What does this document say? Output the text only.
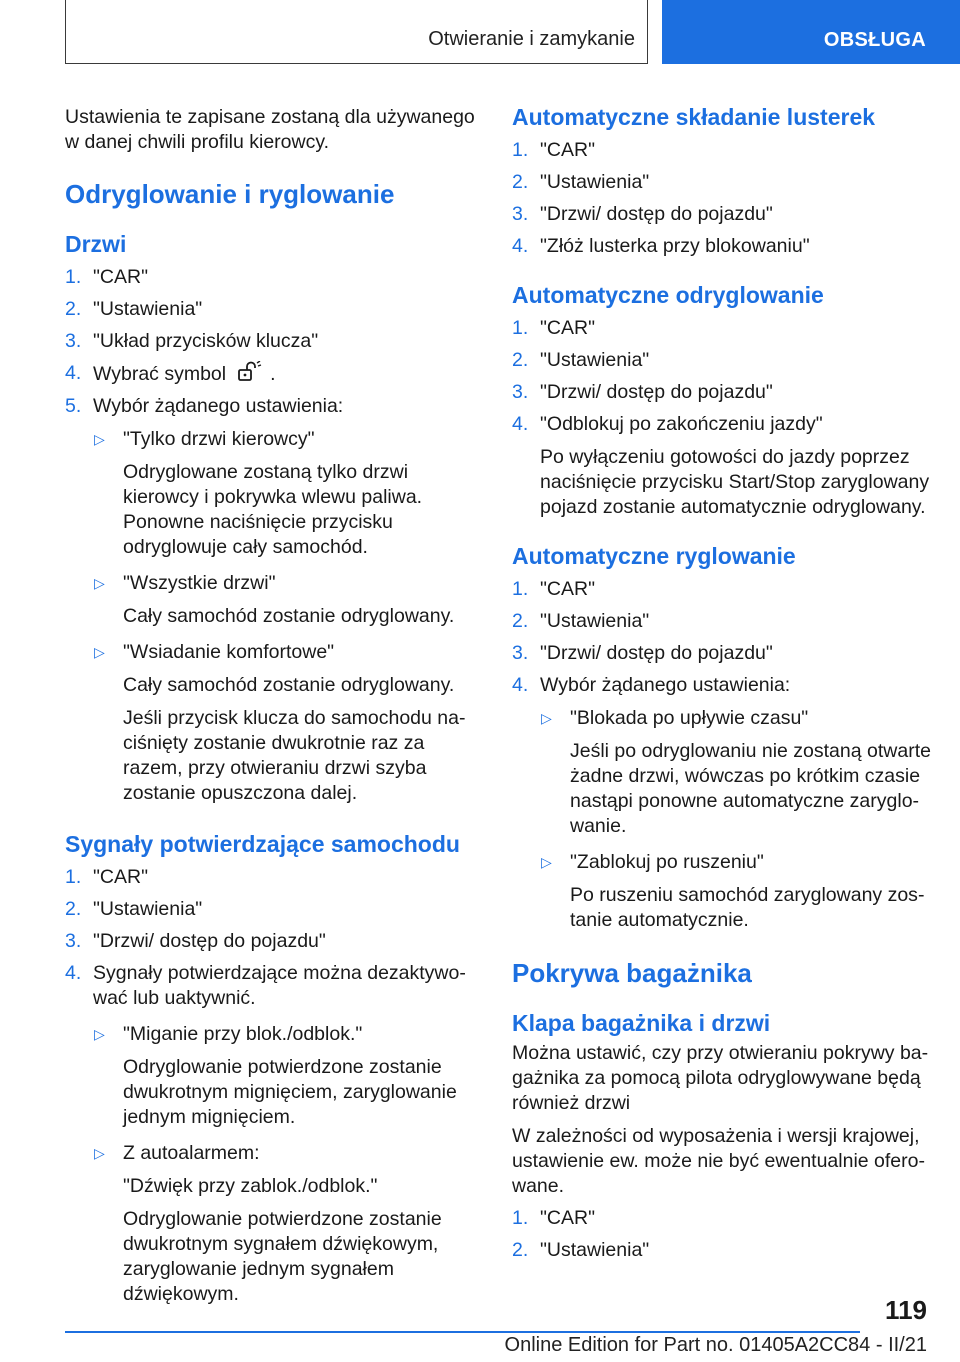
Otwieranie i zamykanie	OBSŁUGA

Ustawienia te zapisane zostaną dla używanego w danej chwili profilu kierowcy.

Odryglowanie i ryglowanie
Drzwi
1. "CAR"
2. "Ustawienia"
3. "Układ przycisków klucza"
4. Wybrać symbol .
5. Wybór żądanego ustawienia:
▷ "Tylko drzwi kierowcy"
Odryglowane zostaną tylko drzwi kierowcy i pokrywka wlewu paliwa. Ponowne naciśnięcie przycisku odryglowuje cały samochód.
▷ "Wszystkie drzwi"
Cały samochód zostanie odryglowany.
▷ "Wsiadanie komfortowe"
Cały samochód zostanie odryglowany.
Jeśli przycisk klucza do samochodu naciśnięty zostanie dwukrotnie raz za razem, przy otwieraniu drzwi szyba zostanie opuszczona dalej.
Sygnały potwierdzające samochodu
1. "CAR"
2. "Ustawienia"
3. "Drzwi/ dostęp do pojazdu"
4. Sygnały potwierdzające można dezaktywować lub uaktywnić.
▷ "Miganie przy blok./odblok."
Odryglowanie potwierdzone zostanie dwukrotnym mignięciem, zaryglowanie jednym mignięciem.
▷ Z autoalarmem:
"Dźwięk przy zablok./odblok."
Odryglowanie potwierdzone zostanie dwukrotnym sygnałem dźwiękowym, zaryglowanie jednym sygnałem dźwiękowym.
Automatyczne składanie lusterek
1. "CAR"
2. "Ustawienia"
3. "Drzwi/ dostęp do pojazdu"
4. "Złóż lusterka przy blokowaniu"
Automatyczne odryglowanie
1. "CAR"
2. "Ustawienia"
3. "Drzwi/ dostęp do pojazdu"
4. "Odblokuj po zakończeniu jazdy"
Po wyłączeniu gotowości do jazdy poprzez naciśnięcie przycisku Start/Stop zaryglowany pojazd zostanie automatycznie odryglowany.
Automatyczne ryglowanie
1. "CAR"
2. "Ustawienia"
3. "Drzwi/ dostęp do pojazdu"
4. Wybór żądanego ustawienia:
▷ "Blokada po upływie czasu"
Jeśli po odryglowaniu nie zostaną otwarte żadne drzwi, wówczas po krótkim czasie nastąpi ponowne automatyczne zaryglowanie.
▷ "Zablokuj po ruszeniu"
Po ruszeniu samochód zaryglowany zostanie automatycznie.
Pokrywa bagażnika
Klapa bagażnika i drzwi

Można ustawić, czy przy otwieraniu pokrywy bagażnika za pomocą pilota odryglowywane będą również drzwi

W zależności od wyposażenia i wersji krajowej, ustawienie ew. może nie być ewentualnie oferowane.

1. "CAR"
2. "Ustawienia"
119
Online Edition for Part no. 01405A2CC84 - II/21
